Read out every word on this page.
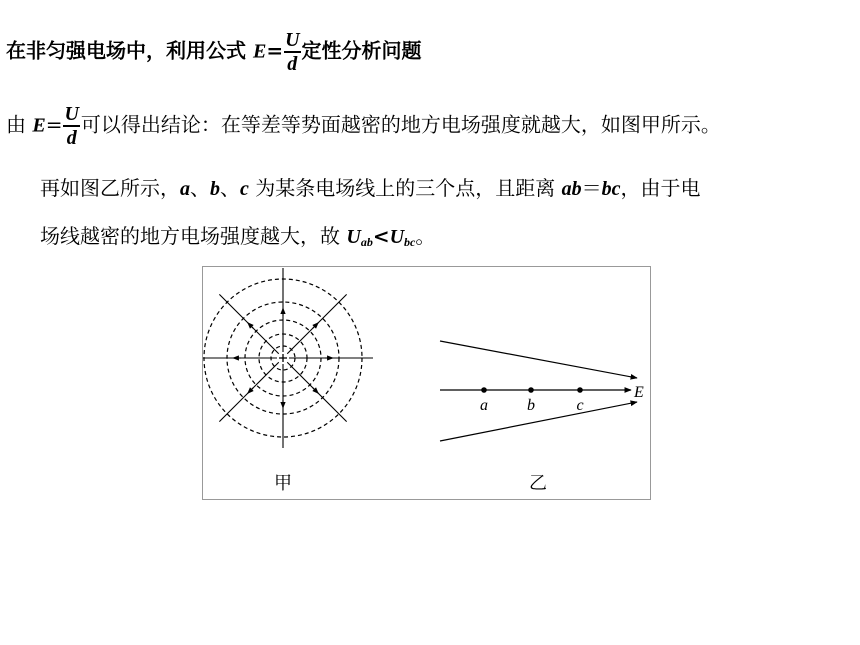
在非匀强电场中，利用公式 $E= \frac{U}{d}$ 定性分析问题
由 $E= \frac{U}{d}$ 可以得出结论：在等差等势面越密的地方电场强度就越大，如图甲所示。
再如图乙所示，a、b、c 为某条电场线上的三个点，且距离 ab＝bc，由于电
场线越密的地方电场强度越大，故 $U_{ab}<U_{bc}$。
甲
a b	c
E
乙
